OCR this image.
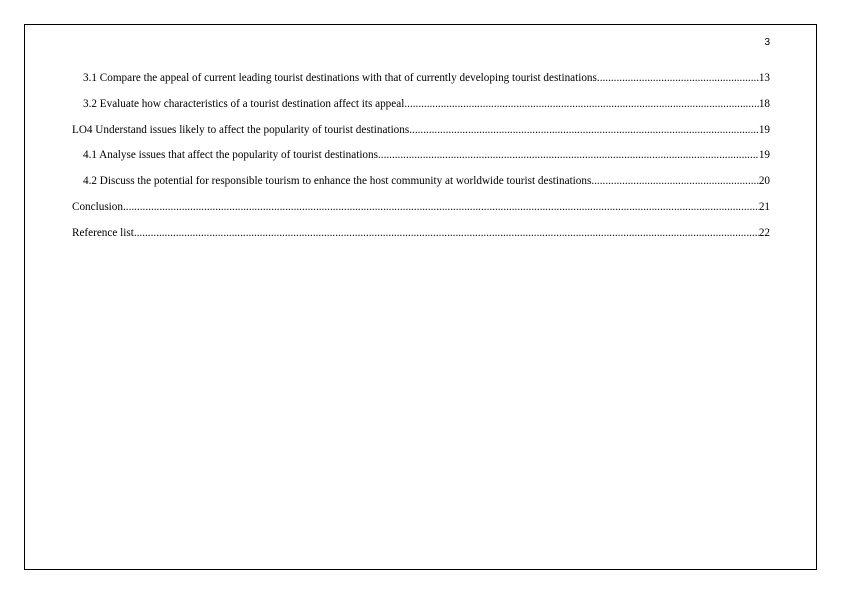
3
3.1 Compare the appeal of current leading tourist destinations with that of currently developing tourist destinations .....	13
3.2 Evaluate how characteristics of a tourist destination affect its appeal .....	18
LO4 Understand issues likely to affect the popularity of tourist destinations .....	19
4.1 Analyse issues that affect the popularity of tourist destinations .....	19
4.2 Discuss the potential for responsible tourism to enhance the host community at worldwide tourist destinations .....	20
Conclusion .....	21
Reference list .....	22
